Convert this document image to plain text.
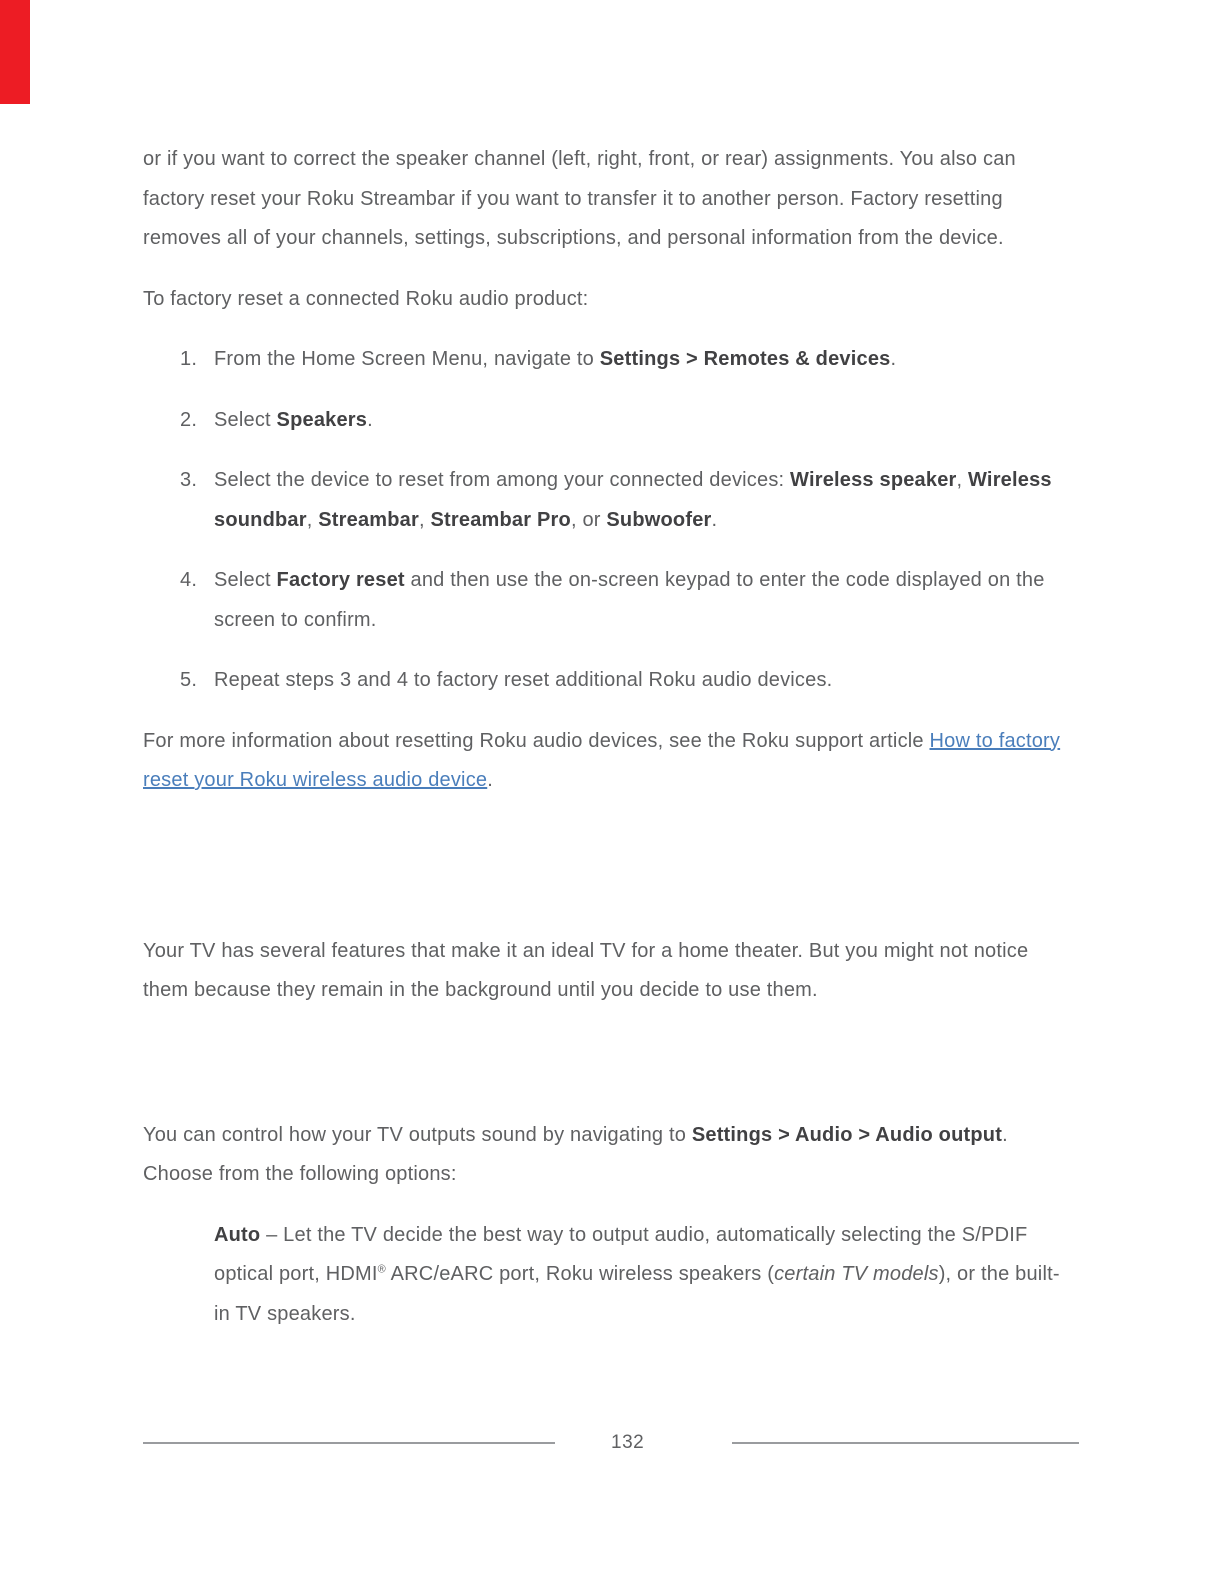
or if you want to correct the speaker channel (left, right, front, or rear) assignments. You also can factory reset your Roku Streambar if you want to transfer it to another person. Factory resetting removes all of your channels, settings, subscriptions, and personal information from the device.

To factory reset a connected Roku audio product:

1. From the Home Screen Menu, navigate to Settings > Remotes & devices.
2. Select Speakers.
3. Select the device to reset from among your connected devices: Wireless speaker, Wireless soundbar, Streambar, Streambar Pro, or Subwoofer.
4. Select Factory reset and then use the on-screen keypad to enter the code displayed on the screen to confirm.
5. Repeat steps 3 and 4 to factory reset additional Roku audio devices.

For more information about resetting Roku audio devices, see the Roku support article How to factory reset your Roku wireless audio device.

Your TV has several features that make it an ideal TV for a home theater. But you might not notice them because they remain in the background until you decide to use them.

You can control how your TV outputs sound by navigating to Settings > Audio > Audio output. Choose from the following options:

Auto – Let the TV decide the best way to output audio, automatically selecting the S/PDIF optical port, HDMI® ARC/eARC port, Roku wireless speakers (certain TV models), or the built-in TV speakers.

132
